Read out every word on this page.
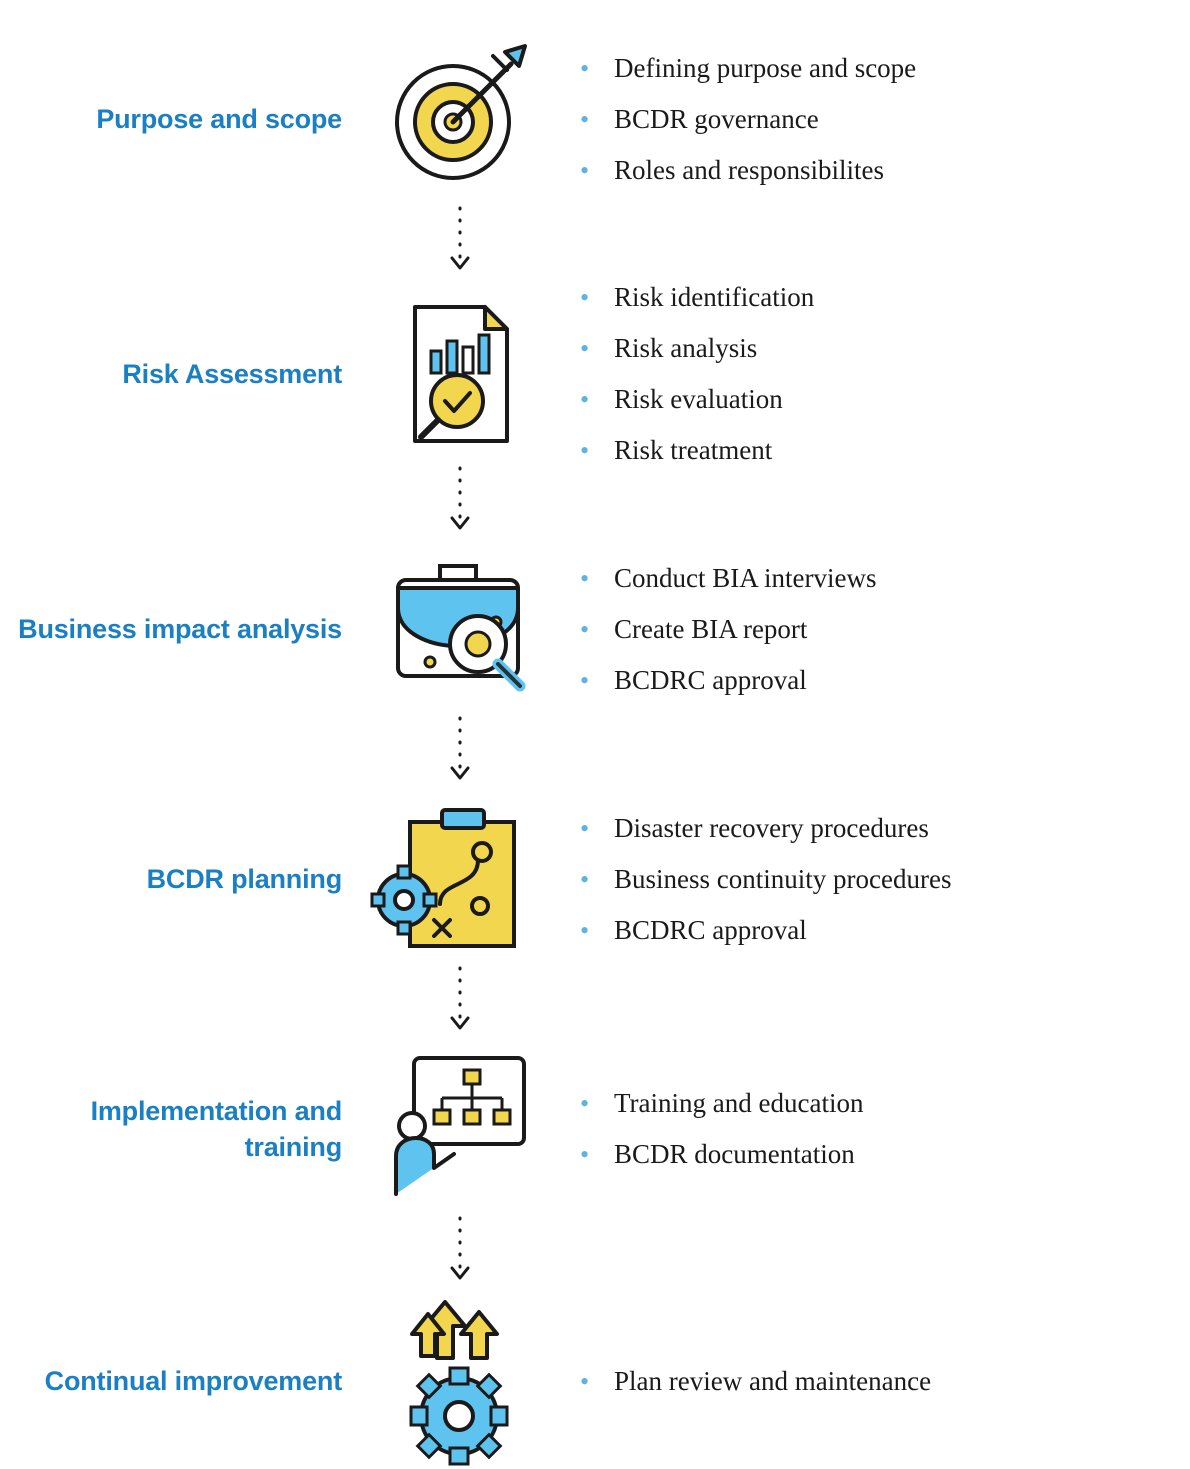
Purpose and scope
• Defining purpose and scope
• BCDR governance
• Roles and responsibilites
Risk Assessment
• Risk identification
• Risk analysis
• Risk evaluation
• Risk treatment
Business impact analysis
• Conduct BIA interviews
• Create BIA report
• BCDRC approval
BCDR planning
• Disaster recovery procedures
• Business continuity procedures
• BCDRC approval
Implementation and training
• Training and education
• BCDR documentation
Continual improvement	• Plan review and maintenance
